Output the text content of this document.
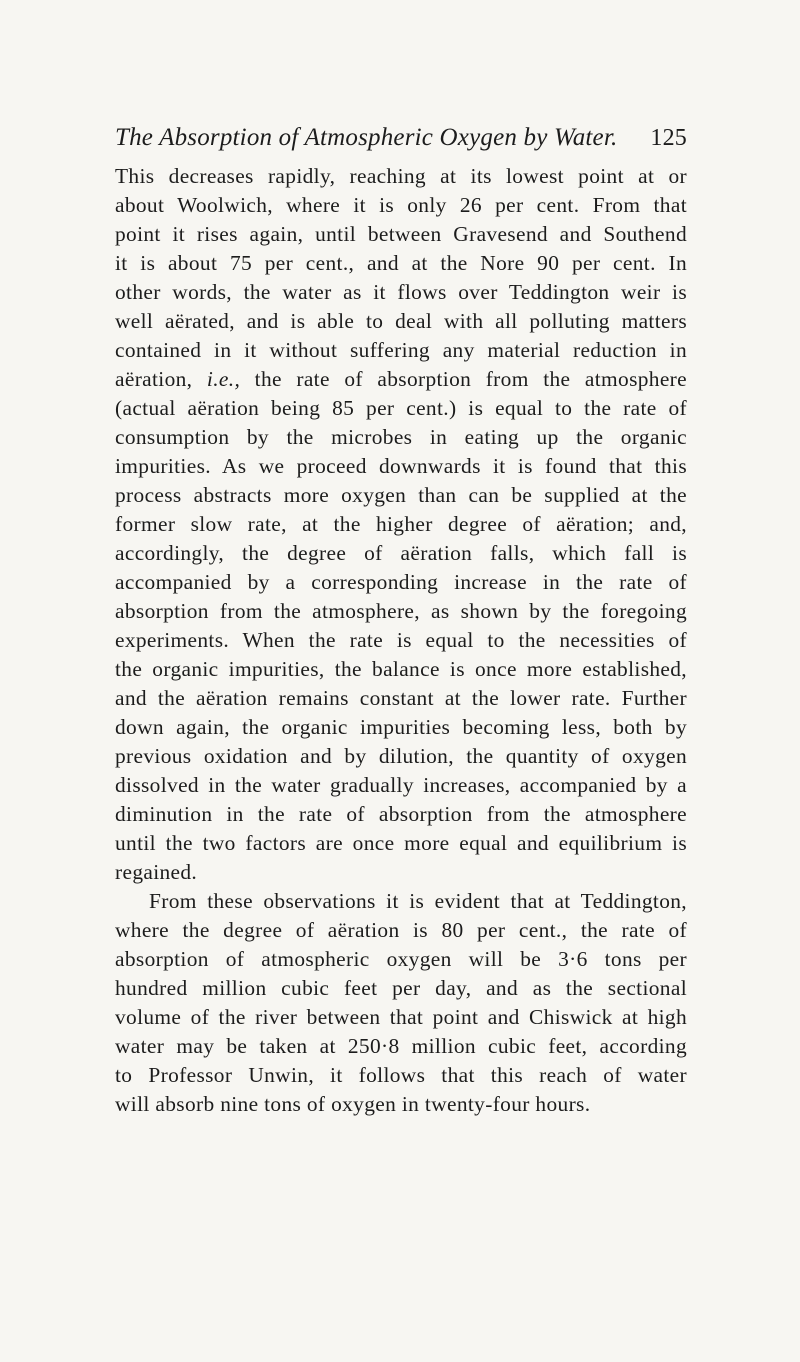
The Absorption of Atmospheric Oxygen by Water. 125

This decreases rapidly, reaching at its lowest point at or
about Woolwich, where it is only 26 per cent. From that
point it rises again, until between Gravesend and Southend
it is about 75 per cent., and at the Nore 90 per cent. In
other words, the water as it flows over Teddington weir is
well aërated, and is able to deal with all polluting matters
contained in it without suffering any material reduction in
aëration, i.e., the rate of absorption from the atmosphere
(actual aëration being 85 per cent.) is equal to the rate of
consumption by the microbes in eating up the organic
impurities. As we proceed downwards it is found that this
process abstracts more oxygen than can be supplied at the
former slow rate, at the higher degree of aëration; and,
accordingly, the degree of aëration falls, which fall is
accompanied by a corresponding increase in the rate of
absorption from the atmosphere, as shown by the foregoing
experiments. When the rate is equal to the necessities of
the organic impurities, the balance is once more established,
and the aëration remains constant at the lower rate. Further
down again, the organic impurities becoming less, both by
previous oxidation and by dilution, the quantity of oxygen
dissolved in the water gradually increases, accompanied by a
diminution in the rate of absorption from the atmosphere
until the two factors are once more equal and equilibrium is
regained.

From these observations it is evident that at Teddington,
where the degree of aëration is 80 per cent., the rate of
absorption of atmospheric oxygen will be 3·6 tons per
hundred million cubic feet per day, and as the sectional
volume of the river between that point and Chiswick at high
water may be taken at 250·8 million cubic feet, according
to Professor Unwin, it follows that this reach of water
will absorb nine tons of oxygen in twenty-four hours.
